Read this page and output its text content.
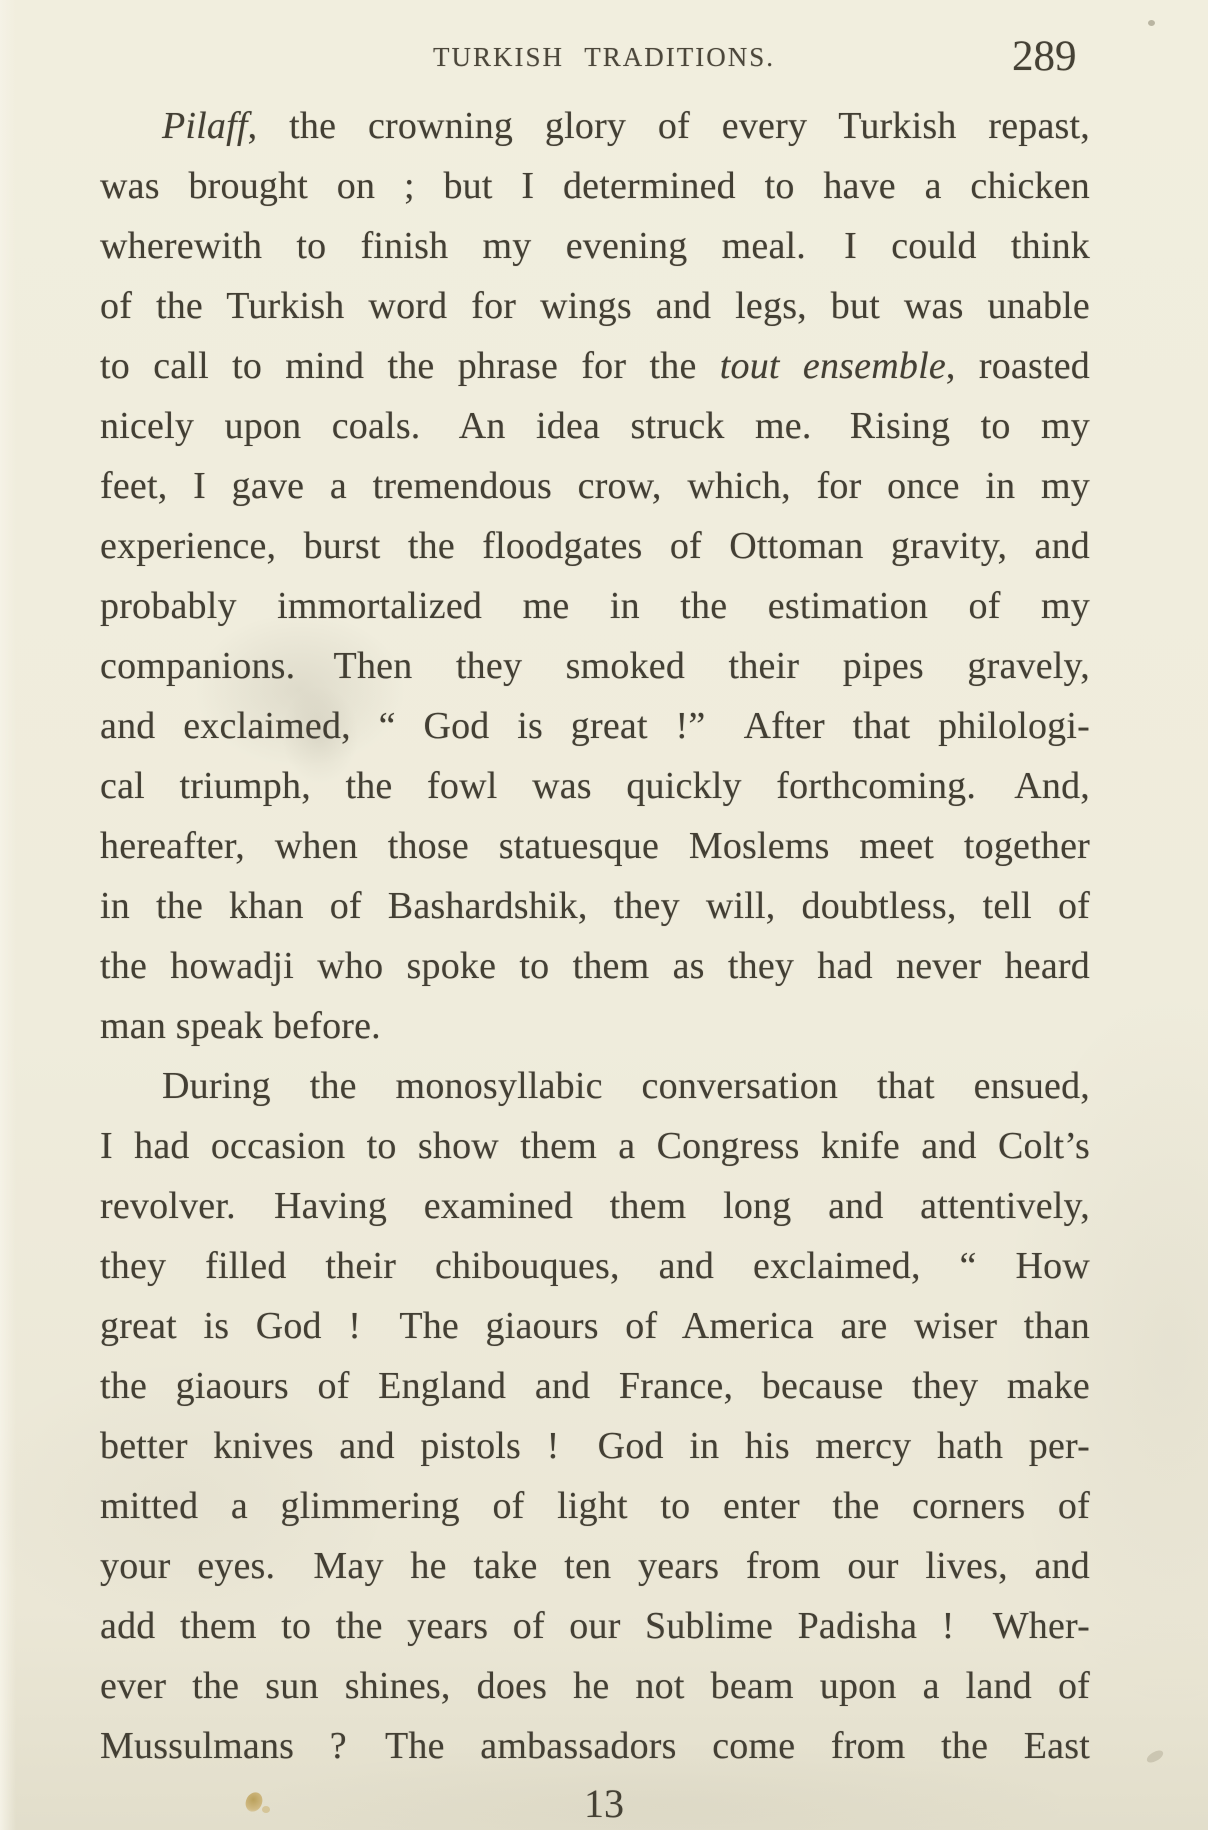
TURKISH TRADITIONS.	289
Pilaff, the crowning glory of every Turkish repast,
was brought on ; but I determined to have a chicken
wherewith to finish my evening meal. I could think
of the Turkish word for wings and legs, but was unable
to call to mind the phrase for the tout ensemble, roasted
nicely upon coals. An idea struck me. Rising to my
feet, I gave a tremendous crow, which, for once in my
experience, burst the floodgates of Ottoman gravity, and
probably immortalized me in the estimation of my
companions. Then they smoked their pipes gravely,
and exclaimed, “ God is great !” After that philologi-
cal triumph, the fowl was quickly forthcoming. And,
hereafter, when those statuesque Moslems meet together
in the khan of Bashardshik, they will, doubtless, tell of
the howadji who spoke to them as they had never heard
man speak before.
During the monosyllabic conversation that ensued,
I had occasion to show them a Congress knife and Colt’s
revolver. Having examined them long and attentively,
they filled their chibouques, and exclaimed, “ How
great is God ! The giaours of America are wiser than
the giaours of England and France, because they make
better knives and pistols ! God in his mercy hath per-
mitted a glimmering of light to enter the corners of
your eyes. May he take ten years from our lives, and
add them to the years of our Sublime Padisha ! Wher-
ever the sun shines, does he not beam upon a land of
Mussulmans ? The ambassadors come from the East
13
